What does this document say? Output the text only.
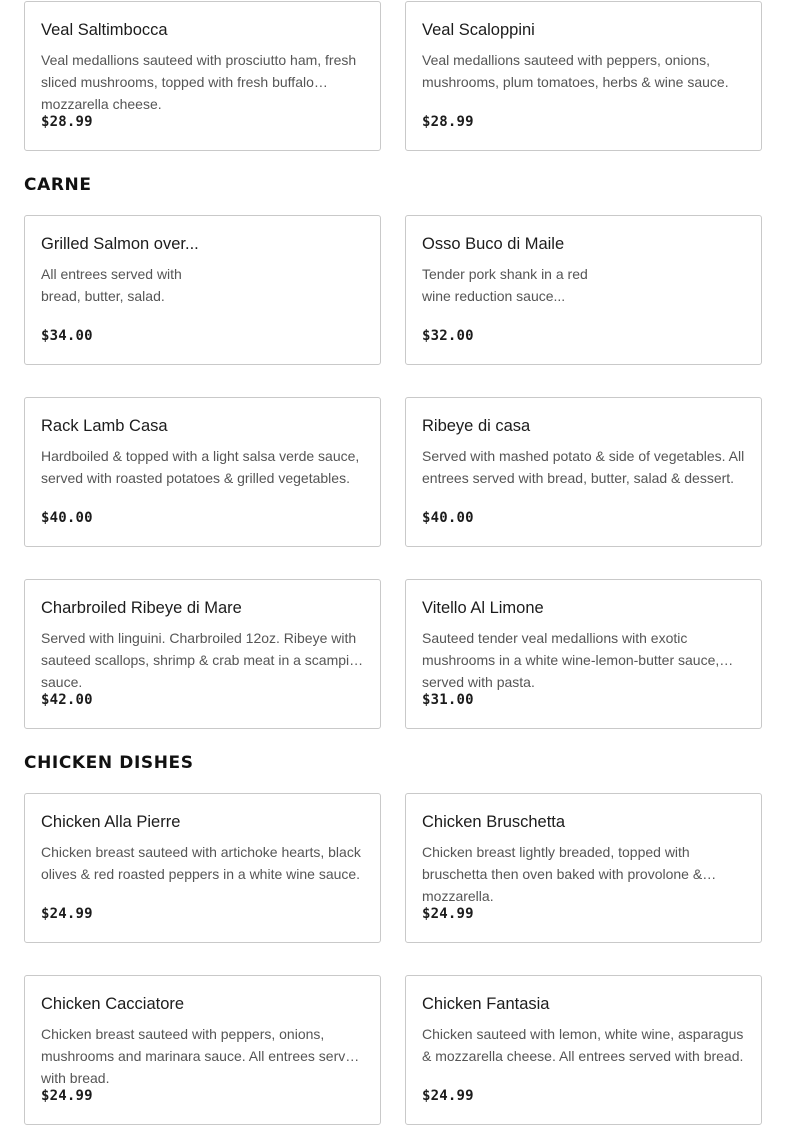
Veal Saltimbocca
Veal medallions sauteed with prosciutto ham, fresh sliced mushrooms, topped with fresh buffalo mozzarella cheese.
$28.99
Veal Scaloppini
Veal medallions sauteed with peppers, onions, mushrooms, plum tomatoes, herbs & wine sauce.
$28.99
CARNE
Grilled Salmon over...
All entrees served with bread, butter, salad.
$34.00
Osso Buco di Maile
Tender pork shank in a red wine reduction sauce...
$32.00
Rack Lamb Casa
Hardboiled & topped with a light salsa verde sauce, served with roasted potatoes & grilled vegetables.
$40.00
Ribeye di casa
Served with mashed potato & side of vegetables. All entrees served with bread, butter, salad & dessert.
$40.00
Charbroiled Ribeye di Mare
Served with linguini. Charbroiled 12oz. Ribeye with sauteed scallops, shrimp & crab meat in a scampi sauce.
$42.00
Vitello Al Limone
Sauteed tender veal medallions with exotic mushrooms in a white wine-lemon-butter sauce, served with pasta.
$31.00
CHICKEN DISHES
Chicken Alla Pierre
Chicken breast sauteed with artichoke hearts, black olives & red roasted peppers in a white wine sauce.
$24.99
Chicken Bruschetta
Chicken breast lightly breaded, topped with bruschetta then oven baked with provolone & mozzarella.
$24.99
Chicken Cacciatore
Chicken breast sauteed with peppers, onions, mushrooms and marinara sauce. All entrees served with bread.
$24.99
Chicken Fantasia
Chicken sauteed with lemon, white wine, asparagus & mozzarella cheese. All entrees served with bread.
$24.99
